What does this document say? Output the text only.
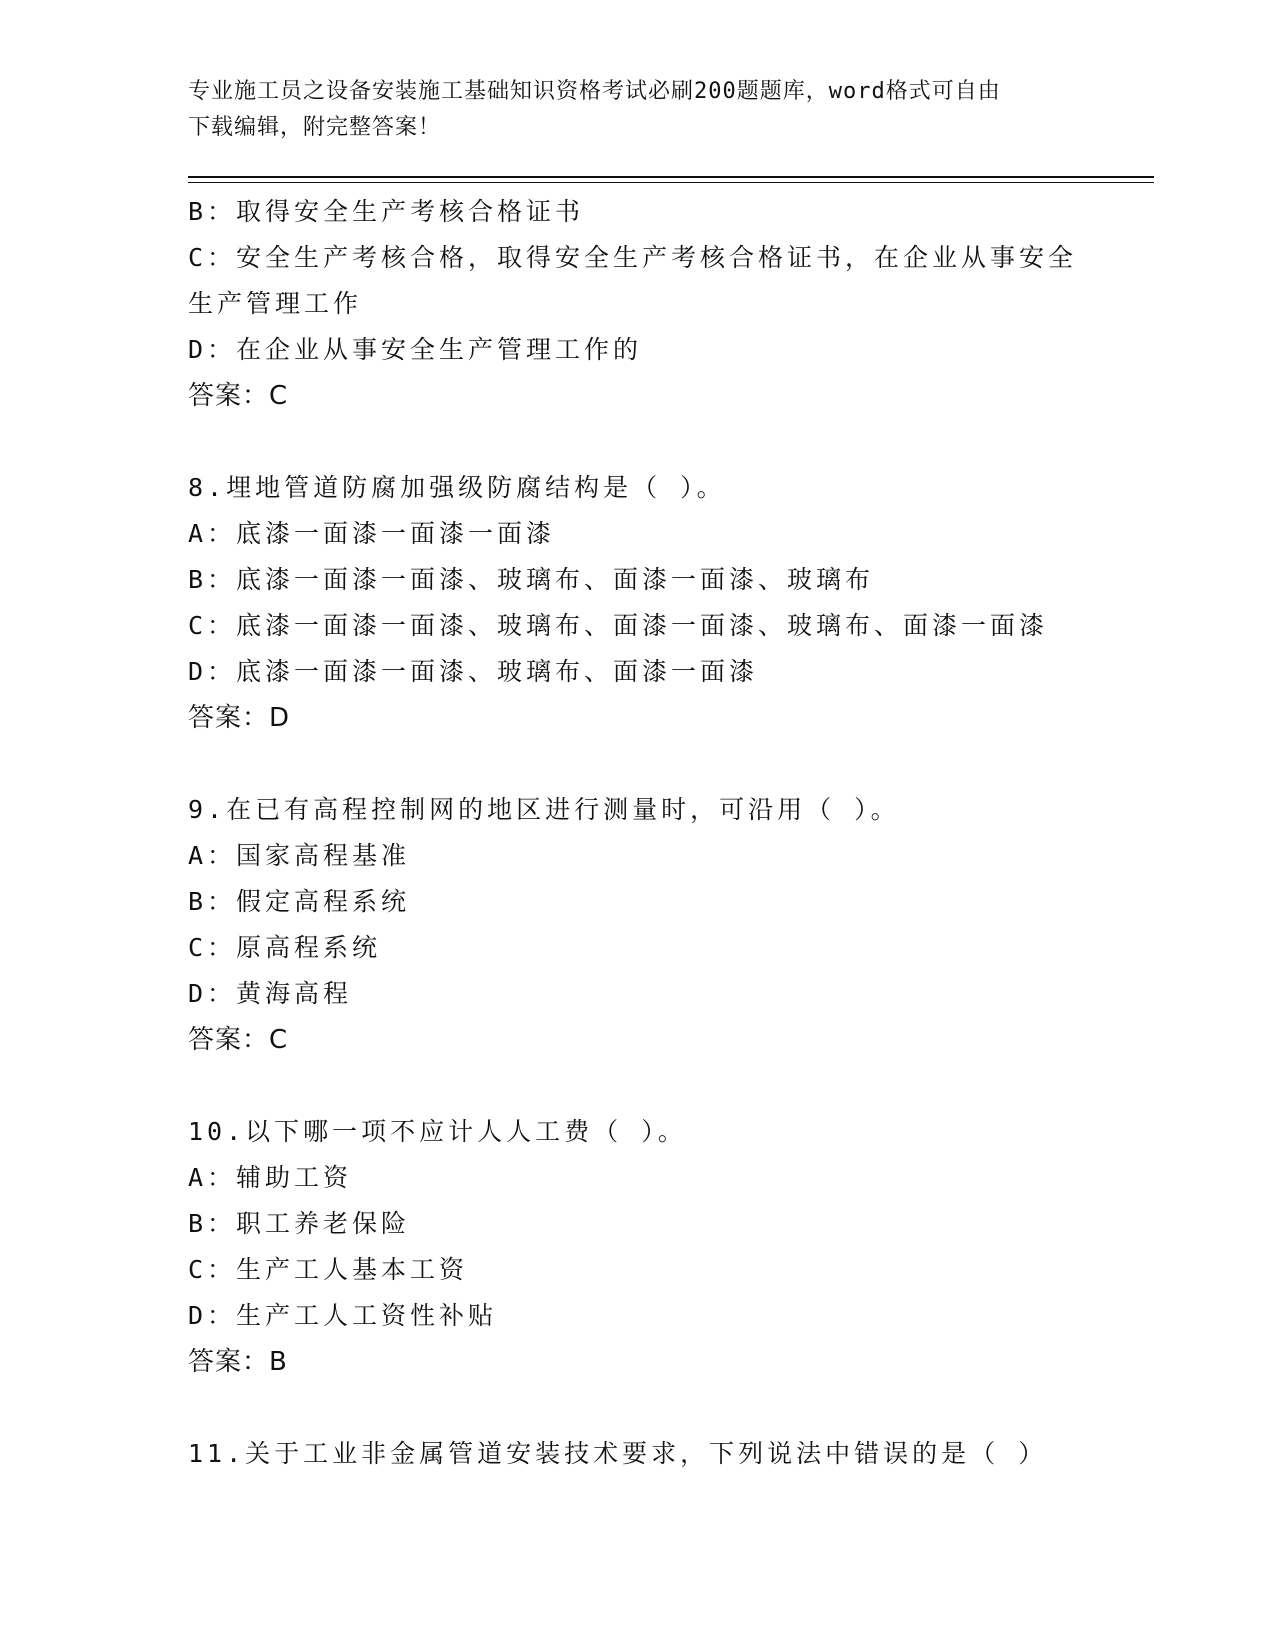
专业施工员之设备安装施工基础知识资格考试必刷200题题库，word格式可自由
下载编辑，附完整答案！
B：取得安全生产考核合格证书
C：安全生产考核合格，取得安全生产考核合格证书，在企业从事安全
生产管理工作
D：在企业从事安全生产管理工作的
答案：C
8.埋地管道防腐加强级防腐结构是（ ）。
A：底漆一面漆一面漆一面漆
B：底漆一面漆一面漆、玻璃布、面漆一面漆、玻璃布
C：底漆一面漆一面漆、玻璃布、面漆一面漆、玻璃布、面漆一面漆
D：底漆一面漆一面漆、玻璃布、面漆一面漆
答案：D
9.在已有高程控制网的地区进行测量时，可沿用（ ）。
A：国家高程基准
B：假定高程系统
C：原高程系统
D：黄海高程
答案：C
10.以下哪一项不应计人人工费（ ）。
A：辅助工资
B：职工养老保险
C：生产工人基本工资
D：生产工人工资性补贴
答案：B
11.关于工业非金属管道安装技术要求，下列说法中错误的是（ ）
